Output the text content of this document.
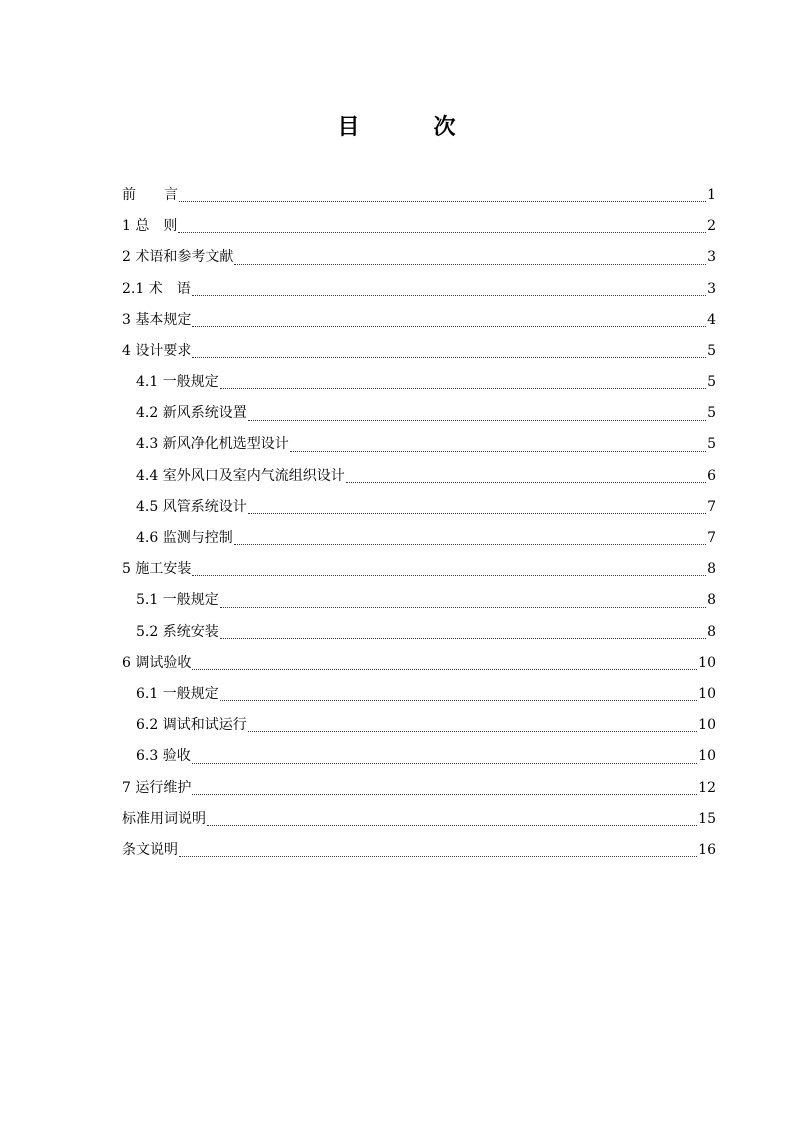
目　次
前　　言	1
1 总　则	2
2 术语和参考文献	3
2.1 术　语	3
3 基本规定	4
4 设计要求	5
4.1 一般规定	5
4.2 新风系统设置	5
4.3 新风净化机选型设计	5
4.4 室外风口及室内气流组织设计	6
4.5 风管系统设计	7
4.6 监测与控制	7
5 施工安装	8
5.1 一般规定	8
5.2 系统安装	8
6 调试验收	10
6.1 一般规定	10
6.2 调试和试运行	10
6.3 验收	10
7 运行维护	12
标准用词说明	15
条文说明	16
